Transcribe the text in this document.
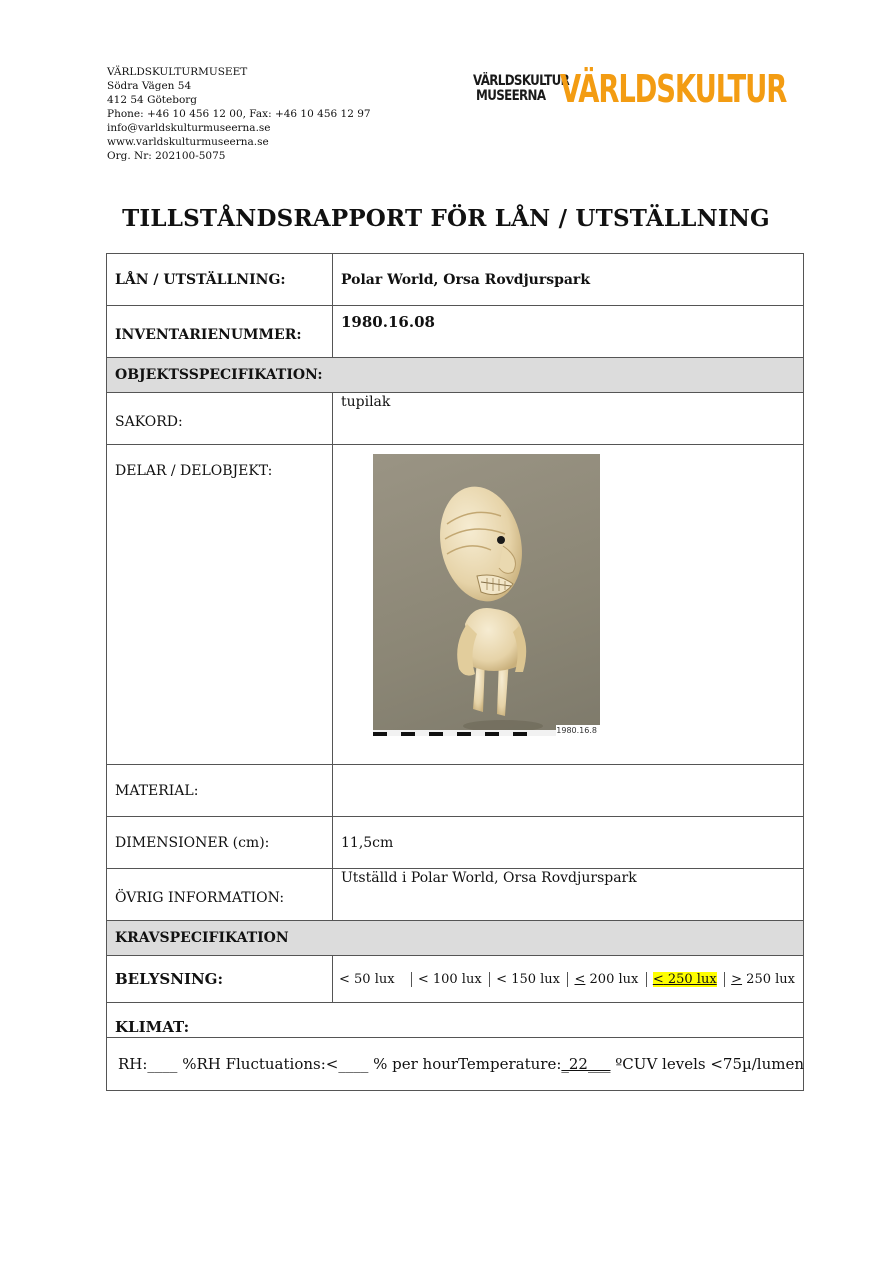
VÄRLDSKULTURMUSEET
Södra Vägen 54
412 54 Göteborg
Phone: +46 10 456 12 00, Fax: +46 10 456 12 97
info@varldskulturmuseerna.se
www.varldskulturmuseerna.se
Org. Nr: 202100-5075
VÄRLDSKULTUR
MUSEERNA VÄRLDSKULTUR
TILLSTÅNDSRAPPORT FÖR LÅN / UTSTÄLLNING
LÅN / UTSTÄLLNING:	Polar World, Orsa Rovdjurspark
INVENTARIENUMMER:	1980.16.08
OBJEKTSSPECIFIKATION:
SAKORD:	tupilak
DELAR / DELOBJEKT:	
1980.16.8

MATERIAL:	
DIMENSIONER (cm):	11,5cm
ÖVRIG INFORMATION:	Utställd i Polar World, Orsa Rovdjurspark
KRAVSPECIFIKATION
BELYSNING:		< 50 lux	< 100 lux	< 150 lux	< 200 lux	< 250 lux	> 250 lux

KLIMAT:

RH:____ % RH Fluctuations:<____ % per hour Temperature:_22___ ºC UV levels <75µ/lumen
